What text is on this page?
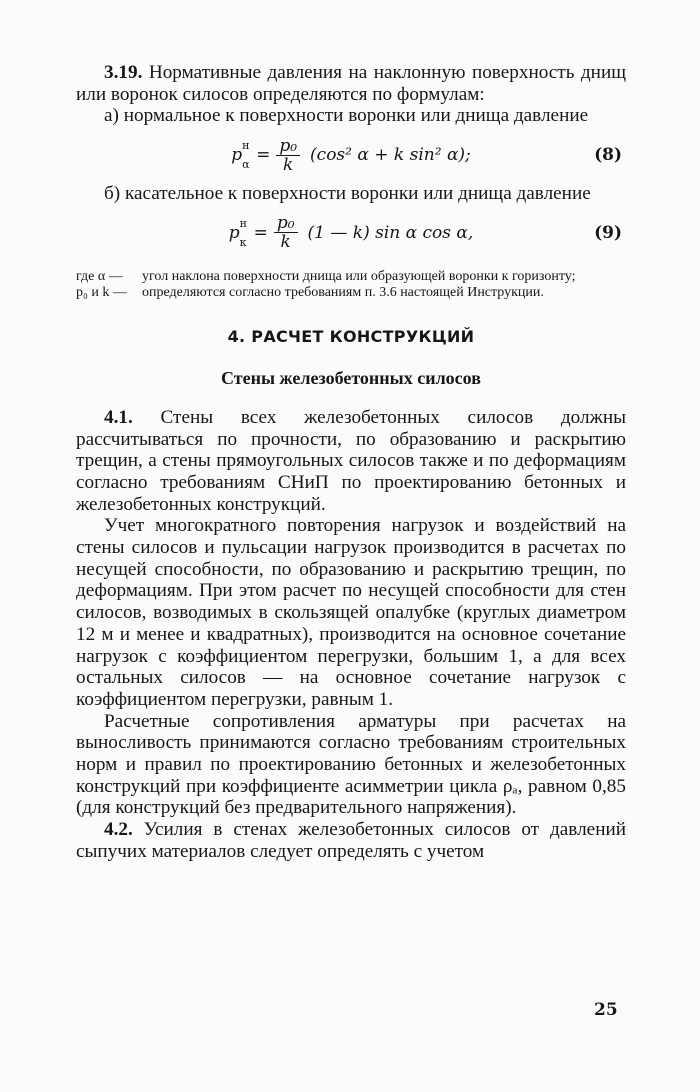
3.19. Нормативные давления на наклонную поверхность днищ или воронок силосов определяются по формулам:

а) нормальное к поверхности воронки или днища давление

p н
$\alpha = \frac{\text{p₀}}{k} (\cos^2$ α + k sin² α);	(8)

б) касательное к поверхности воронки или днища давление

p н
$к = \frac{\text{p₀}}{k} (1$ — k) sin α cos α,	(9)
где α —	угол наклона поверхности днища или образующей воронки к горизонту;
p₀ и k —	определяются согласно требованиям п. 3.6 настоящей Инструкции.
4. РАСЧЕТ КОНСТРУКЦИЙ
Стены железобетонных силосов

4.1. Стены всех железобетонных силосов должны рассчитываться по прочности, по образованию и раскрытию трещин, а стены прямоугольных силосов также и по деформациям согласно требованиям СНиП по проектированию бетонных и железобетонных конструкций.

Учет многократного повторения нагрузок и воздействий на стены силосов и пульсации нагрузок производится в расчетах по несущей способности, по образованию и раскрытию трещин, по деформациям. При этом расчет по несущей способности для стен силосов, возводимых в скользящей опалубке (круглых диаметром 12 м и менее и квадратных), производится на основное сочетание нагрузок с коэффициентом перегрузки, большим 1, а для всех остальных силосов — на основное сочетание нагрузок с коэффициентом перегрузки, равным 1.

Расчетные сопротивления арматуры при расчетах на выносливость принимаются согласно требованиям строительных норм и правил по проектированию бетонных и железобетонных конструкций при коэффициенте асимметрии цикла ρₐ, равном 0,85 (для конструкций без предварительного напряжения).

4.2. Усилия в стенах железобетонных силосов от давлений сыпучих материалов следует определять с учетом

25
